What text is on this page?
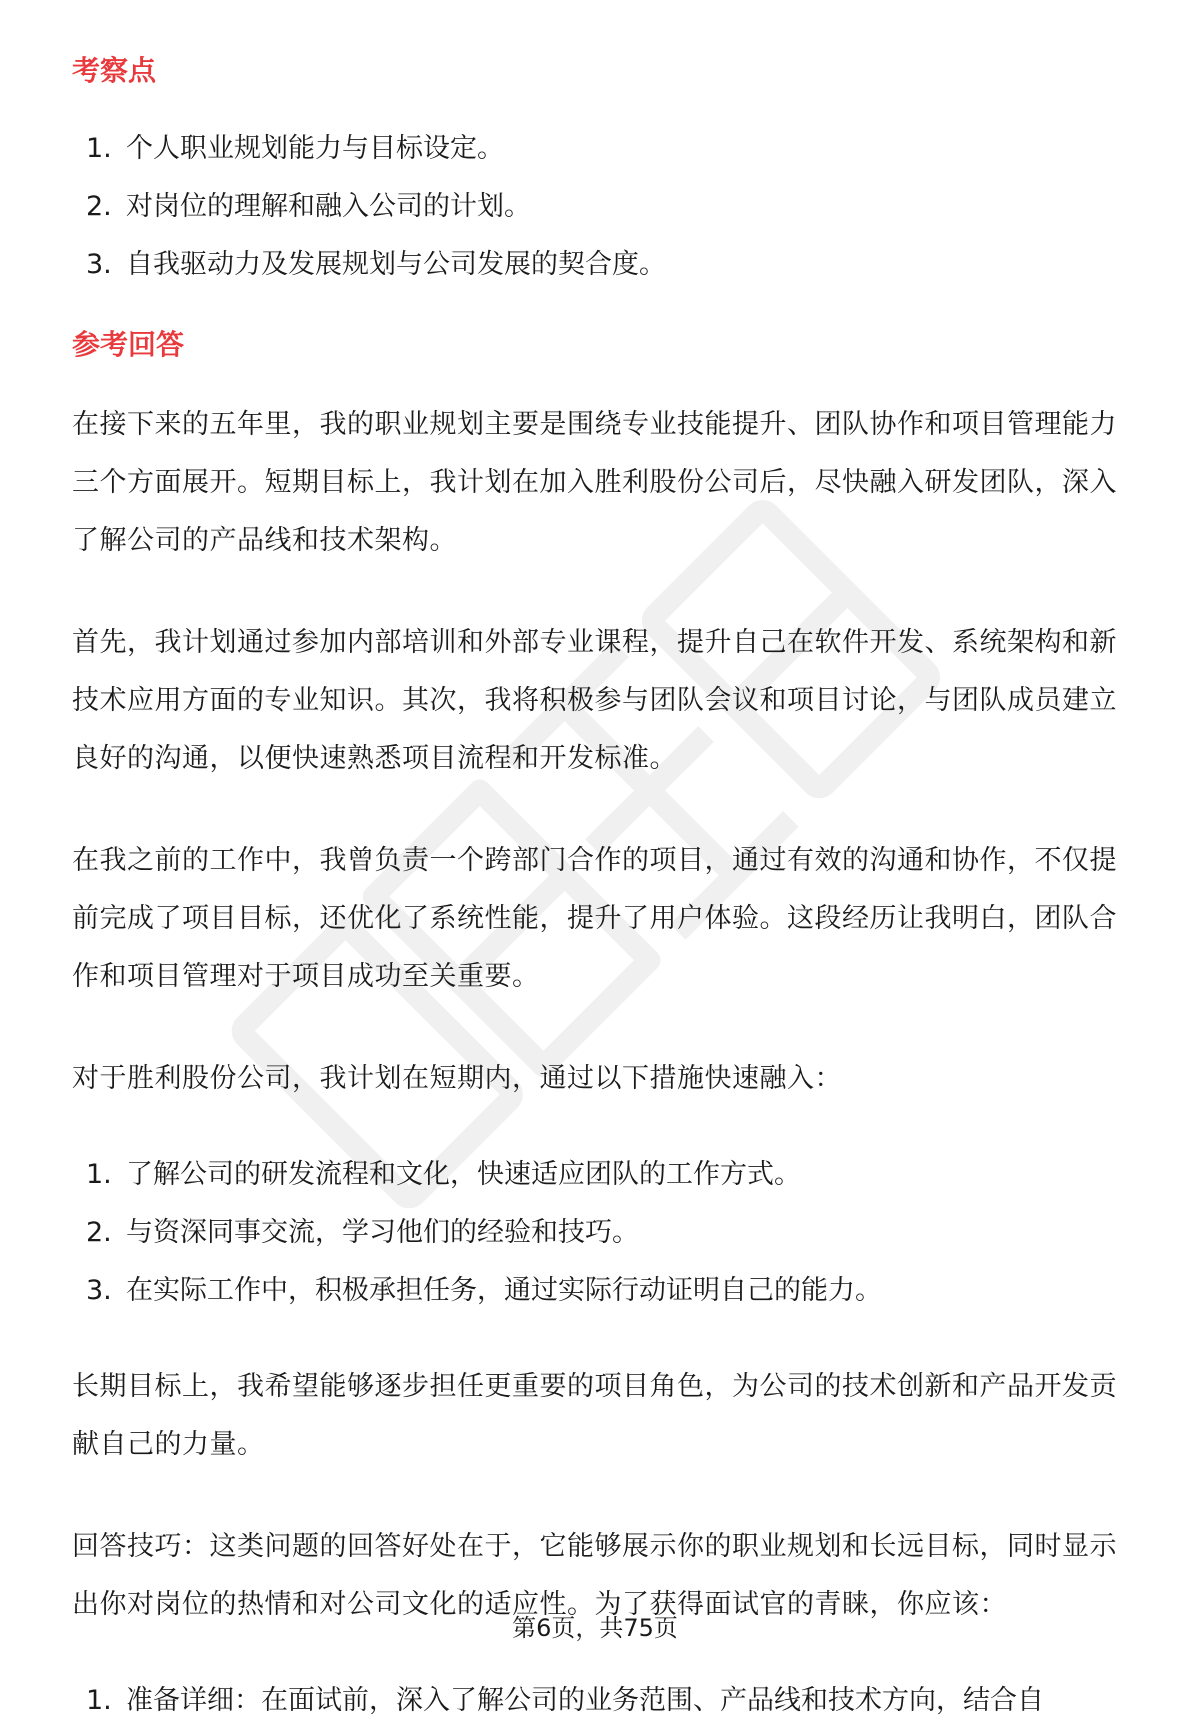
考察点
1. 个人职业规划能力与目标设定。
2. 对岗位的理解和融入公司的计划。
3. 自我驱动力及发展规划与公司发展的契合度。
参考回答

在接下来的五年里，我的职业规划主要是围绕专业技能提升、团队协作和项目管理能力三个方面展开。短期目标上，我计划在加入胜利股份公司后，尽快融入研发团队，深入了解公司的产品线和技术架构。

首先，我计划通过参加内部培训和外部专业课程，提升自己在软件开发、系统架构和新技术应用方面的专业知识。其次，我将积极参与团队会议和项目讨论，与团队成员建立良好的沟通，以便快速熟悉项目流程和开发标准。

在我之前的工作中，我曾负责一个跨部门合作的项目，通过有效的沟通和协作，不仅提前完成了项目目标，还优化了系统性能，提升了用户体验。这段经历让我明白，团队合作和项目管理对于项目成功至关重要。

对于胜利股份公司，我计划在短期内，通过以下措施快速融入：

1. 了解公司的研发流程和文化，快速适应团队的工作方式。
2. 与资深同事交流，学习他们的经验和技巧。
3. 在实际工作中，积极承担任务，通过实际行动证明自己的能力。

长期目标上，我希望能够逐步担任更重要的项目角色，为公司的技术创新和产品开发贡献自己的力量。

回答技巧：这类问题的回答好处在于，它能够展示你的职业规划和长远目标，同时显示出你对岗位的热情和对公司文化的适应性。为了获得面试官的青睐，你应该：

1. 准备详细：在面试前，深入了解公司的业务范围、产品线和技术方向，结合自
第6页，共75页
